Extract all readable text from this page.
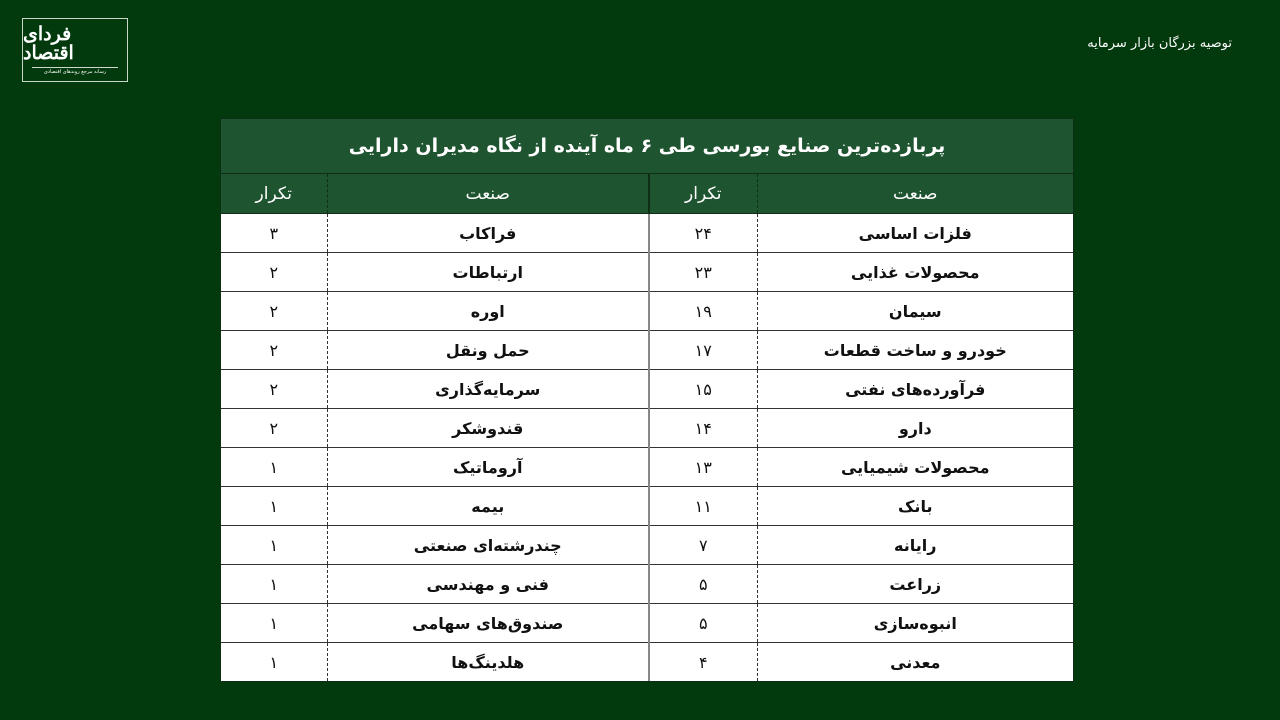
فردای اقتصاد
رسانه مرجع روندهای اقتصادی
توصیه بزرگان بازار سرمایه
پربازده‌ترین صنایع بورسی طی ۶ ماه آینده از نگاه مدیران دارایی
صنعت	تکرار	صنعت	تکرار
فلزات اساسی	۲۴	فراکاب	۳
محصولات غذایی	۲۳	ارتباطات	۲
سیمان	۱۹	اوره	۲
خودرو و ساخت قطعات	۱۷	حمل ونقل	۲
فرآورده‌های نفتی	۱۵	سرمایه‌گذاری	۲
دارو	۱۴	قندوشکر	۲
محصولات شیمیایی	۱۳	آروماتیک	۱
بانک	۱۱	بیمه	۱
رایانه	۷	چندرشته‌ای صنعتی	۱
زراعت	۵	فنی و مهندسی	۱
انبوه‌سازی	۵	صندوق‌های سهامی	۱
معدنی	۴	هلدینگ‌ها	۱
